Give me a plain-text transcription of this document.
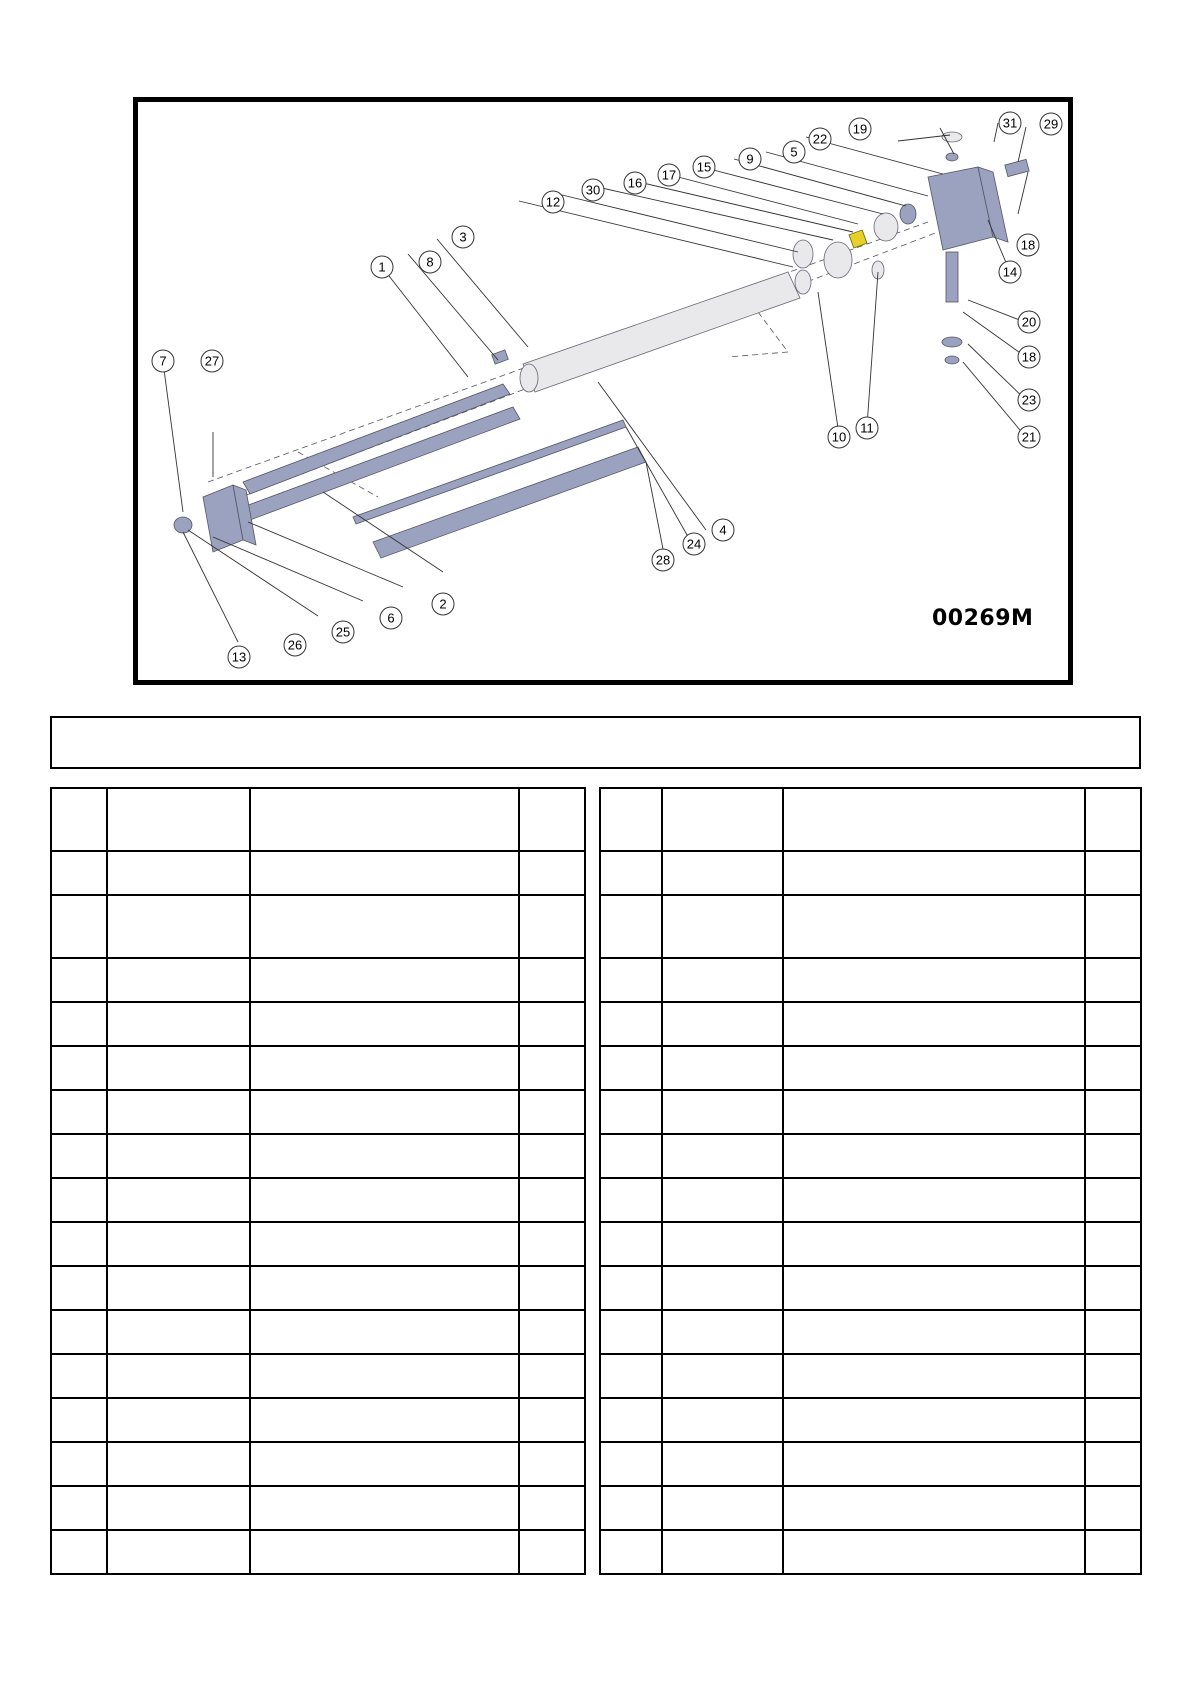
1
2
3
4
5
6
7
8
9
10
11
12
13
14
15
16
17
18
18
19
20
21
22
23
24
25
26
27
28
29
30
31
00269M
